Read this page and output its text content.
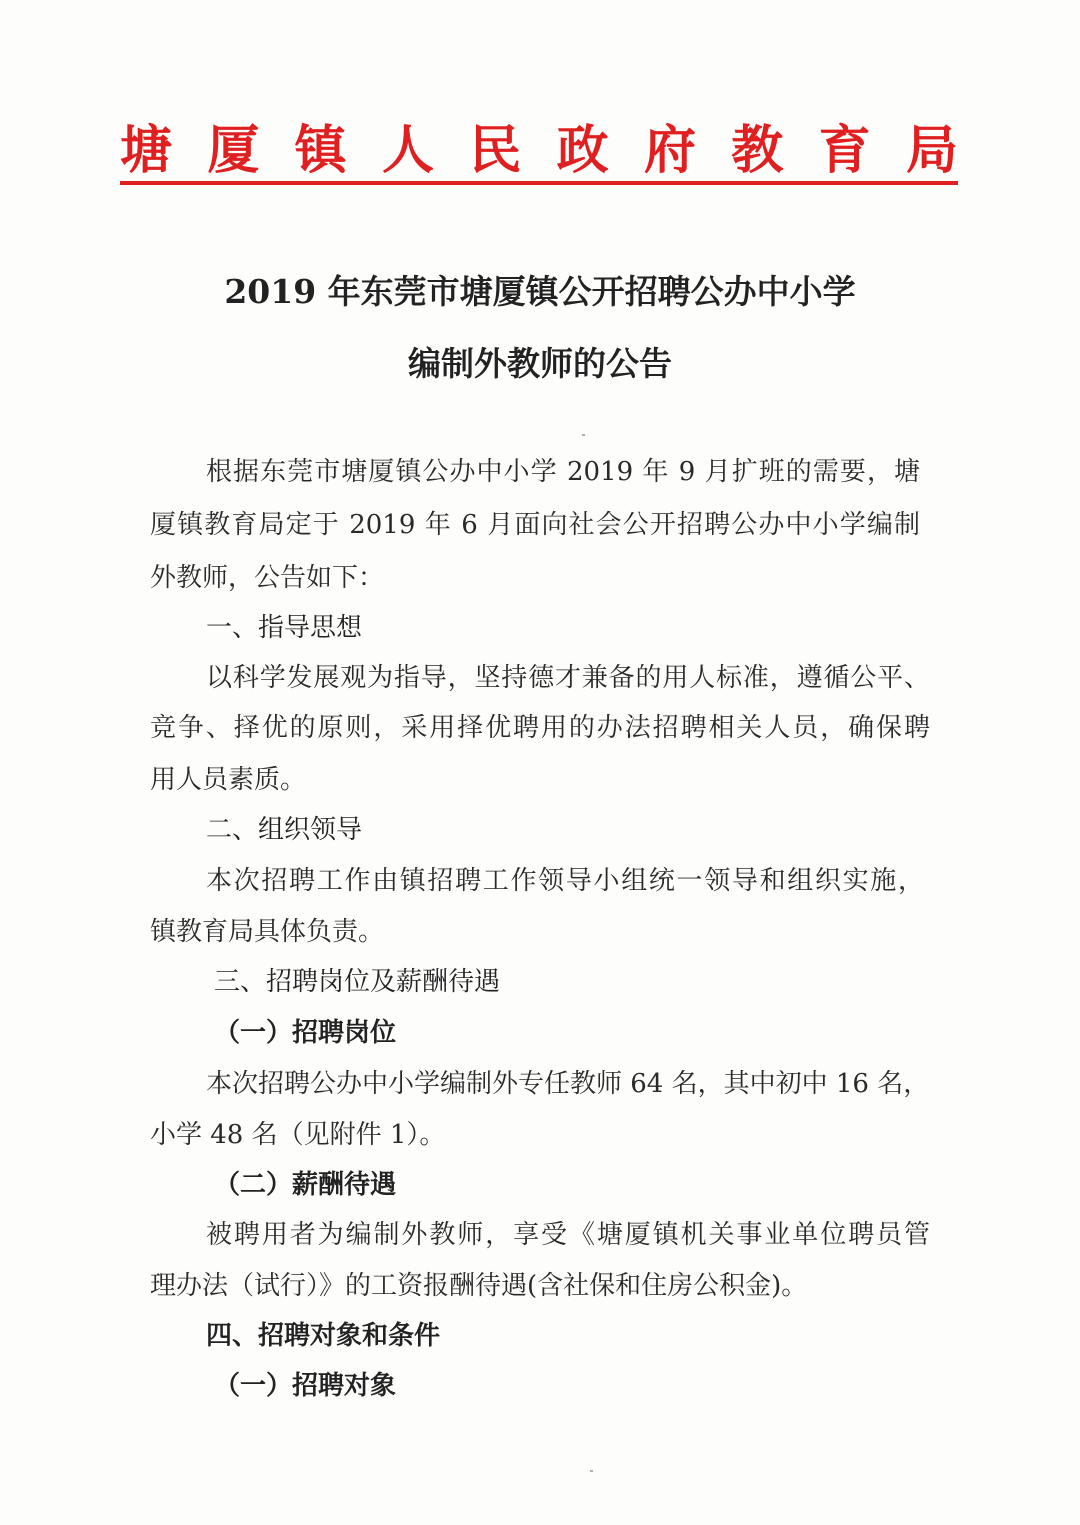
塘 厦 镇 人 民 政 府 教 育 局
2019 年东莞市塘厦镇公开招聘公办中小学
编制外教师的公告
根据东莞市塘厦镇公办中小学 2019 年 9 月扩班的需要，塘
厦镇教育局定于 2019 年 6 月面向社会公开招聘公办中小学编制
外教师，公告如下：
一、指导思想
以科学发展观为指导，坚持德才兼备的用人标准，遵循公平、
竞争、择优的原则，采用择优聘用的办法招聘相关人员，确保聘
用人员素质。
二、组织领导
本次招聘工作由镇招聘工作领导小组统一领导和组织实施，
镇教育局具体负责。
三、招聘岗位及薪酬待遇
（一）招聘岗位
本次招聘公办中小学编制外专任教师 64 名，其中初中 16 名，
小学 48 名（见附件 1）。
（二）薪酬待遇
被聘用者为编制外教师，享受《塘厦镇机关事业单位聘员管
理办法（试行）》的工资报酬待遇(含社保和住房公积金)。
四、招聘对象和条件
（一）招聘对象
